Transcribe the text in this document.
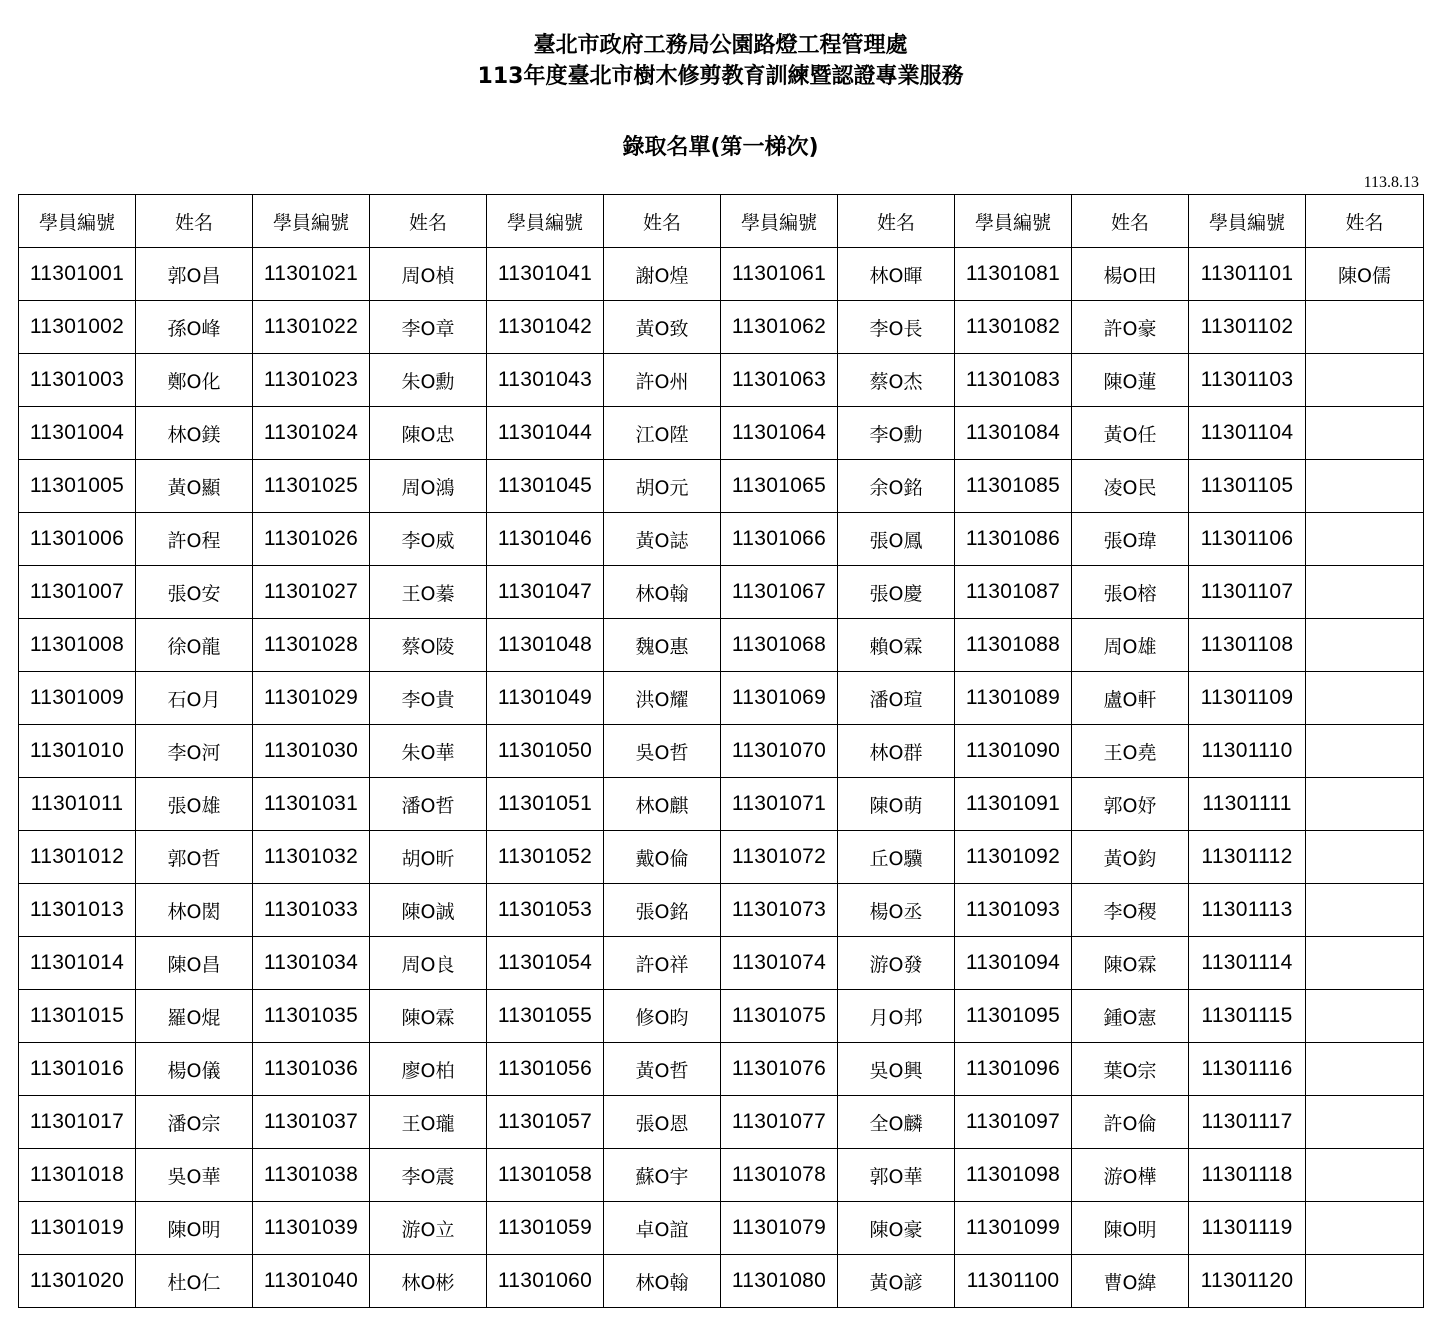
臺北市政府工務局公園路燈工程管理處
113年度臺北市樹木修剪教育訓練暨認證專業服務
錄取名單(第一梯次)
113.8.13
學員編號	姓名	學員編號	姓名	學員編號	姓名	學員編號	姓名	學員編號	姓名	學員編號	姓名
11301001	郭O昌	11301021	周O楨	11301041	謝O煌	11301061	林O暉	11301081	楊O田	11301101	陳O儒
11301002	孫O峰	11301022	李O章	11301042	黃O致	11301062	李O長	11301082	許O豪	11301102	
11301003	鄭O化	11301023	朱O勳	11301043	許O州	11301063	蔡O杰	11301083	陳O蓮	11301103	
11301004	林O鎂	11301024	陳O忠	11301044	江O陞	11301064	李O勳	11301084	黃O任	11301104	
11301005	黃O顯	11301025	周O鴻	11301045	胡O元	11301065	余O銘	11301085	凌O民	11301105	
11301006	許O程	11301026	李O威	11301046	黃O誌	11301066	張O鳳	11301086	張O瑋	11301106	
11301007	張O安	11301027	王O蓁	11301047	林O翰	11301067	張O慶	11301087	張O榕	11301107	
11301008	徐O龍	11301028	蔡O陵	11301048	魏O惠	11301068	賴O霖	11301088	周O雄	11301108	
11301009	石O月	11301029	李O貴	11301049	洪O耀	11301069	潘O瑄	11301089	盧O軒	11301109	
11301010	李O河	11301030	朱O華	11301050	吳O哲	11301070	林O群	11301090	王O堯	11301110	
11301011	張O雄	11301031	潘O哲	11301051	林O麒	11301071	陳O萌	11301091	郭O妤	11301111	
11301012	郭O哲	11301032	胡O昕	11301052	戴O倫	11301072	丘O驥	11301092	黃O鈞	11301112	
11301013	林O閎	11301033	陳O誠	11301053	張O銘	11301073	楊O丞	11301093	李O稷	11301113	
11301014	陳O昌	11301034	周O良	11301054	許O祥	11301074	游O發	11301094	陳O霖	11301114	
11301015	羅O焜	11301035	陳O霖	11301055	修O昀	11301075	月O邦	11301095	鍾O憲	11301115	
11301016	楊O儀	11301036	廖O柏	11301056	黃O哲	11301076	吳O興	11301096	葉O宗	11301116	
11301017	潘O宗	11301037	王O瓏	11301057	張O恩	11301077	全O麟	11301097	許O倫	11301117	
11301018	吳O華	11301038	李O震	11301058	蘇O宇	11301078	郭O華	11301098	游O樺	11301118	
11301019	陳O明	11301039	游O立	11301059	卓O誼	11301079	陳O豪	11301099	陳O明	11301119	
11301020	杜O仁	11301040	林O彬	11301060	林O翰	11301080	黃O諺	11301100	曹O緯	11301120	
